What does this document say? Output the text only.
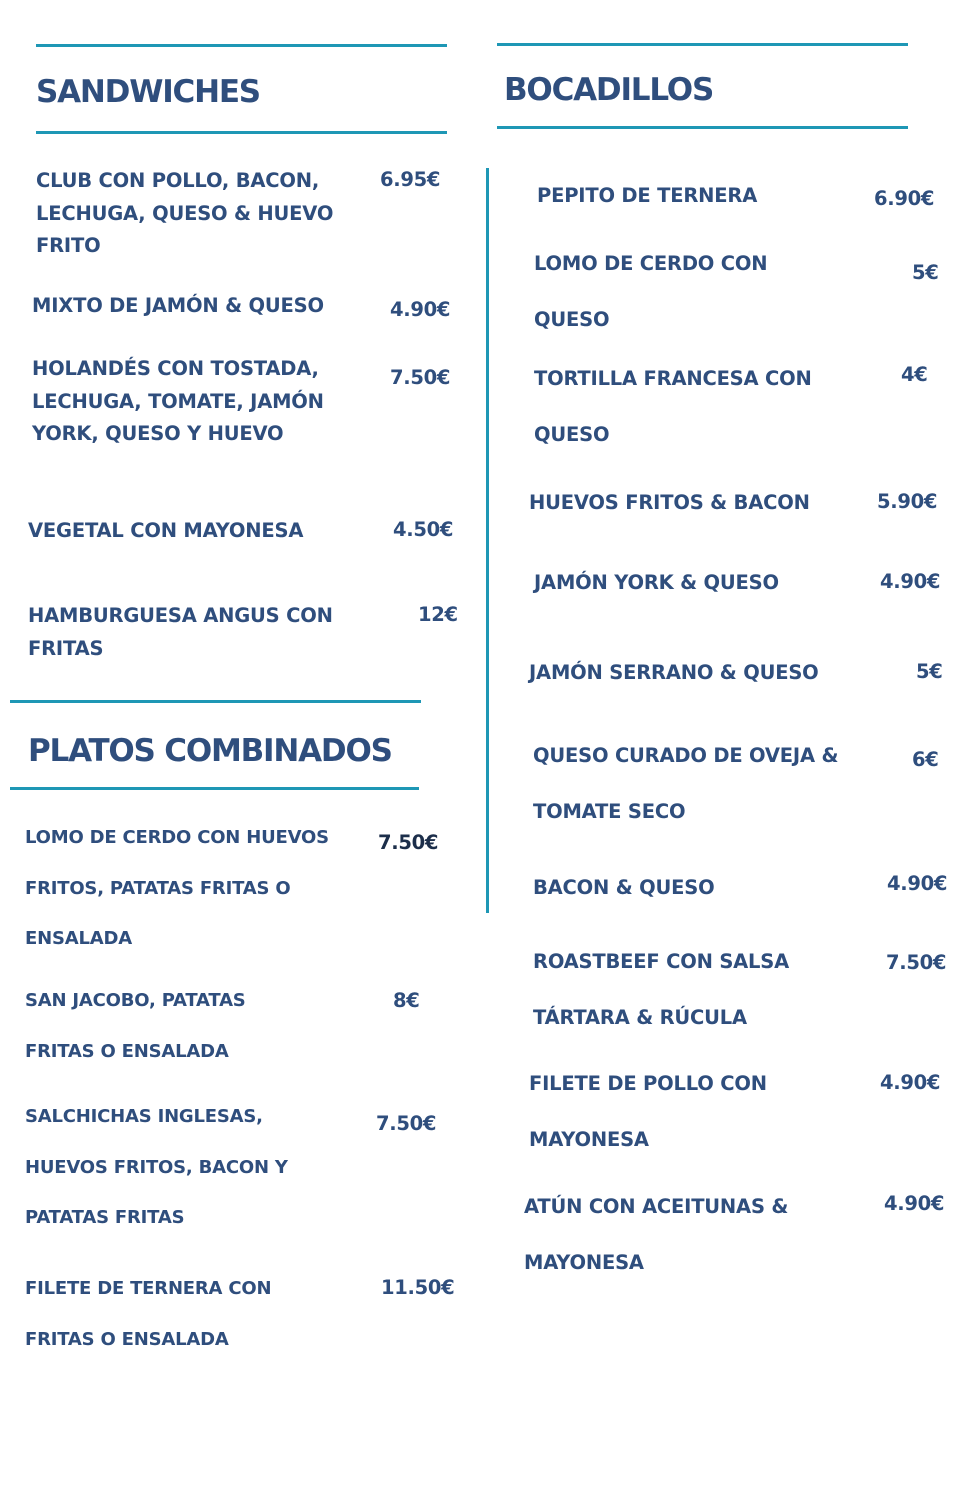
SANDWICHES
CLUB CON POLLO, BACON, LECHUGA, QUESO & HUEVO FRITO
6.95€
MIXTO DE JAMÓN & QUESO	4.90€
HOLANDÉS CON TOSTADA, LECHUGA, TOMATE, JAMÓN YORK, QUESO Y HUEVO
7.50€
VEGETAL CON MAYONESA	4.50€
HAMBURGUESA ANGUS CON FRITAS
12€
PLATOS COMBINADOS
LOMO DE CERDO CON HUEVOS FRITOS, PATATAS FRITAS O ENSALADA
7.50€
SAN JACOBO, PATATAS FRITAS O ENSALADA
8€
SALCHICHAS INGLESAS, HUEVOS FRITOS, BACON Y PATATAS FRITAS
7.50€
FILETE DE TERNERA CON FRITAS O ENSALADA
11.50€
BOCADILLOS
PEPITO DE TERNERA	6.90€
LOMO DE CERDO CON QUESO
5€
TORTILLA FRANCESA CON QUESO
4€
HUEVOS FRITOS & BACON	5.90€
JAMÓN YORK & QUESO	4.90€
JAMÓN SERRANO & QUESO	5€
QUESO CURADO DE OVEJA & TOMATE SECO
6€
BACON & QUESO	4.90€
ROASTBEEF CON SALSA TÁRTARA & RÚCULA
7.50€
FILETE DE POLLO CON MAYONESA
4.90€
ATÚN CON ACEITUNAS & MAYONESA
4.90€
